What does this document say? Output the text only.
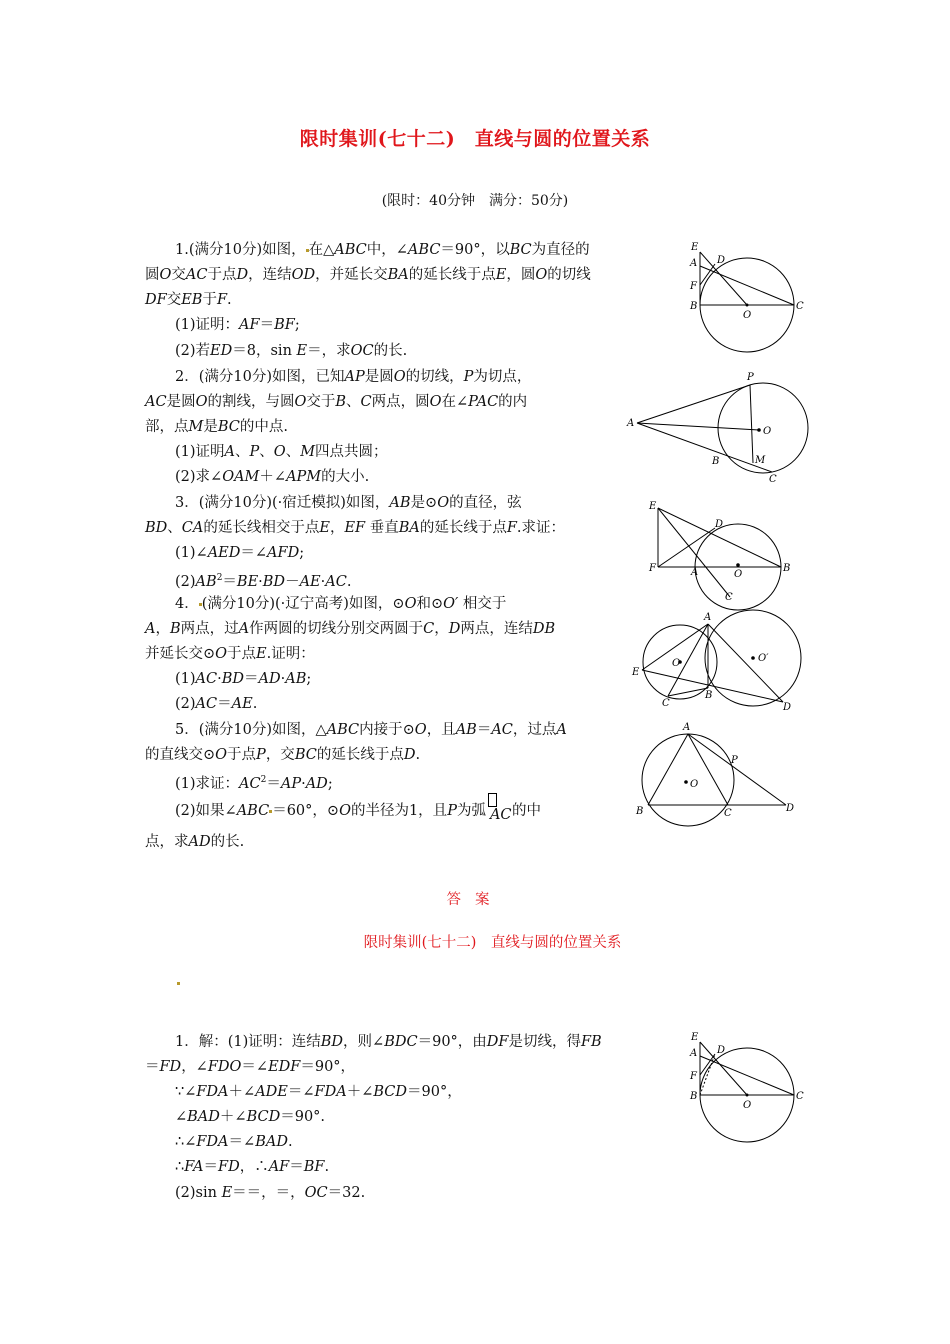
限时集训(七十二)　直线与圆的位置关系
(限时：40分钟　满分：50分)
1.(满分10分)如图， 在△ABC中，∠ABC＝90°，以BC为直径的
圆O交AC于点D，连结OD，并延长交BA的延长线于点E，圆O的切线
DF交EB于F.
(1)证明：AF＝BF;
(2)若ED＝8，sin E＝，求OC的长.
2．(满分10分)如图，已知AP是圆O的切线，P为切点，
AC是圆O的割线，与圆O交于B、C两点，圆O在∠PAC的内
部，点M是BC的中点.
(1)证明A、P、O、M四点共圆；
(2)求∠OAM＋∠APM的大小.
3．(满分10分)(·宿迁模拟)如图，AB是⊙O的直径，弦
BD、CA的延长线相交于点E，EF 垂直BA的延长线于点F.求证：
(1)∠AED＝∠AFD;
$(2)AB^2=BE\cdot BD-AE\cdot AC$.
4． (满分10分)(·辽宁高考)如图，⊙O和⊙O′ 相交于
A，B两点，过A作两圆的切线分别交两圆于C，D两点，连结DB
并延长交⊙O于点E.证明：
(1)AC·BD＝AD·AB;
(2)AC＝AE.
5．(满分10分)如图，△ABC内接于⊙O，且AB＝AC，过点A
的直线交⊙O于点P，交BC的延长线于点D.
(1)求证：$AC^2=AP\cdot AD$;
(2)如果∠ABC ＝60°，⊙O的半径为1，且P为弧 AC 的中
点，求AD的长.
答案
限时集训(七十二)　直线与圆的位置关系
1．解：(1)证明：连结BD，则∠BDC＝90°，由DF是切线，得FB
＝FD，∠FDO＝∠EDF＝90°，
∵∠FDA＋∠ADE＝∠FDA＋∠BCD＝90°，
∠BAD＋∠BCD＝90°.
∴∠FDA＝∠BAD.
∴FA＝FD，∴AF＝BF.
(2)sin E＝＝，＝，OC＝32.
E
A D
F
B
O
C
P
A
O
B	M
C
E
D
F	A	O
B
C
A
O	O′
E
B
C	D
A
P
O
B	C	D
E
A D
F
B
O
C
